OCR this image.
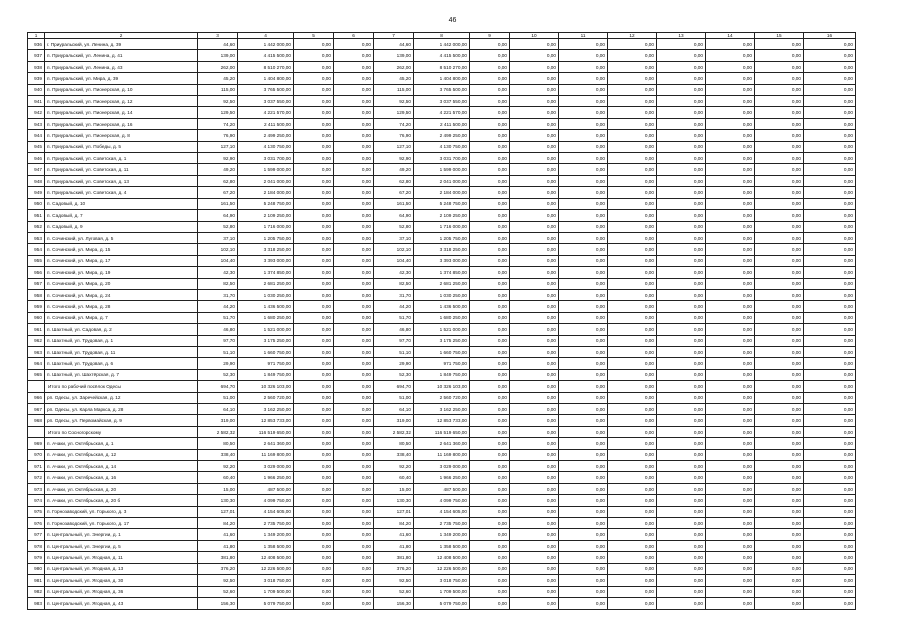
46
1	2	3	4	5	6	7	8	9	10	11	12	13	14	15	16
936	г. Приуральский, ул. Ленина, д. 39	44,60	1 442 000,00	0,00	0,00	44,60	1 442 000,00	0,00	0,00	0,00	0,00	0,00	0,00	0,00	0,00
937	п. Приуральский, ул. Ленина, д. 41	139,00	4 415 500,00	0,00	0,00	139,00	4 415 500,00	0,00	0,00	0,00	0,00	0,00	0,00	0,00	0,00
938	п. Приуральский, ул. Ленина, д. 43	262,00	8 510 270,00	0,00	0,00	262,00	8 510 270,00	0,00	0,00	0,00	0,00	0,00	0,00	0,00	0,00
939	п. Приуральский, ул. Мира, д. 39	45,20	1 404 800,00	0,00	0,00	45,20	1 404 800,00	0,00	0,00	0,00	0,00	0,00	0,00	0,00	0,00
940	п. Приуральский, ул. Пионерская, д. 10	115,00	3 765 500,00	0,00	0,00	115,00	3 765 500,00	0,00	0,00	0,00	0,00	0,00	0,00	0,00	0,00
941	п. Приуральский, ул. Пионерская, д. 12	92,50	3 037 550,00	0,00	0,00	92,50	3 037 550,00	0,00	0,00	0,00	0,00	0,00	0,00	0,00	0,00
942	п. Приуральский, ул. Пионерская, д. 14	129,50	4 221 570,00	0,00	0,00	129,50	4 221 570,00	0,00	0,00	0,00	0,00	0,00	0,00	0,00	0,00
943	п. Приуральский, ул. Пионерская, д. 16	74,20	2 411 500,00	0,00	0,00	74,20	2 411 500,00	0,00	0,00	0,00	0,00	0,00	0,00	0,00	0,00
944	п. Приуральский, ул. Пионерская, д. 8	76,90	2 499 250,00	0,00	0,00	76,90	2 499 250,00	0,00	0,00	0,00	0,00	0,00	0,00	0,00	0,00
945	п. Приуральский, ул. Победы, д. 5	127,10	4 130 750,00	0,00	0,00	127,10	4 130 750,00	0,00	0,00	0,00	0,00	0,00	0,00	0,00	0,00
946	п. Приуральский, ул. Советская, д. 1	92,90	3 031 700,00	0,00	0,00	92,90	3 031 700,00	0,00	0,00	0,00	0,00	0,00	0,00	0,00	0,00
947	п. Приуральский, ул. Советская, д. 11	49,20	1 599 000,00	0,00	0,00	49,20	1 599 000,00	0,00	0,00	0,00	0,00	0,00	0,00	0,00	0,00
948	п. Приуральский, ул. Советская, д. 13	62,80	2 041 000,00	0,00	0,00	62,80	2 041 000,00	0,00	0,00	0,00	0,00	0,00	0,00	0,00	0,00
949	п. Приуральский, ул. Советская, д. 4	67,20	2 184 000,00	0,00	0,00	67,20	2 184 000,00	0,00	0,00	0,00	0,00	0,00	0,00	0,00	0,00
950	п. Садовый, д. 10	161,50	5 248 750,00	0,00	0,00	161,50	5 248 750,00	0,00	0,00	0,00	0,00	0,00	0,00	0,00	0,00
951	п. Садовый, д. 7	64,90	2 109 250,00	0,00	0,00	64,90	2 109 250,00	0,00	0,00	0,00	0,00	0,00	0,00	0,00	0,00
952	п. Садовый, д. 9	52,80	1 716 000,00	0,00	0,00	52,80	1 716 000,00	0,00	0,00	0,00	0,00	0,00	0,00	0,00	0,00
953	п. Сочинский, ул. Луговая, д. 5	37,10	1 205 750,00	0,00	0,00	37,10	1 205 750,00	0,00	0,00	0,00	0,00	0,00	0,00	0,00	0,00
954	п. Сочинский, ул. Мира, д. 15	102,10	3 318 250,00	0,00	0,00	102,10	3 318 250,00	0,00	0,00	0,00	0,00	0,00	0,00	0,00	0,00
955	п. Сочинский, ул. Мира, д. 17	104,40	3 393 000,00	0,00	0,00	104,40	3 393 000,00	0,00	0,00	0,00	0,00	0,00	0,00	0,00	0,00
956	п. Сочинский, ул. Мира, д. 19	42,30	1 374 850,00	0,00	0,00	42,30	1 374 850,00	0,00	0,00	0,00	0,00	0,00	0,00	0,00	0,00
957	п. Сочинский, ул. Мира, д. 20	82,50	2 681 250,00	0,00	0,00	82,50	2 681 250,00	0,00	0,00	0,00	0,00	0,00	0,00	0,00	0,00
958	п. Сочинский, ул. Мира, д. 24	31,70	1 030 250,00	0,00	0,00	31,70	1 030 250,00	0,00	0,00	0,00	0,00	0,00	0,00	0,00	0,00
959	п. Сочинский, ул. Мира, д. 28	44,20	1 436 500,00	0,00	0,00	44,20	1 436 500,00	0,00	0,00	0,00	0,00	0,00	0,00	0,00	0,00
960	п. Сочинский, ул. Мира, д. 7	51,70	1 680 250,00	0,00	0,00	51,70	1 680 250,00	0,00	0,00	0,00	0,00	0,00	0,00	0,00	0,00
961	п. Шахтный, ул. Садовая, д. 2	46,80	1 521 000,00	0,00	0,00	46,80	1 521 000,00	0,00	0,00	0,00	0,00	0,00	0,00	0,00	0,00
962	п. Шахтный, ул. Трудовая, д. 1	97,70	3 175 250,00	0,00	0,00	97,70	3 175 250,00	0,00	0,00	0,00	0,00	0,00	0,00	0,00	0,00
963	п. Шахтный, ул. Трудовая, д. 11	51,10	1 660 750,00	0,00	0,00	51,10	1 660 750,00	0,00	0,00	0,00	0,00	0,00	0,00	0,00	0,00
964	п. Шахтный, ул. Трудовая, д. 6	29,90	971 750,00	0,00	0,00	29,90	971 750,00	0,00	0,00	0,00	0,00	0,00	0,00	0,00	0,00
965	п. Шахтный, ул. Шахтёрская, д. 7	52,30	1 849 750,00	0,00	0,00	52,30	1 849 750,00	0,00	0,00	0,00	0,00	0,00	0,00	0,00	0,00
	Итого по рабочий посёлок Одесы	694,70	10 326 103,00	0,00	0,00	694,70	10 326 103,00	0,00	0,00	0,00	0,00	0,00	0,00	0,00	0,00
966	рп. Одесы, ул. Заречейская, д. 12	51,00	2 560 720,00	0,00	0,00	51,00	2 560 720,00	0,00	0,00	0,00	0,00	0,00	0,00	0,00	0,00
967	рп. Одесы, ул. Карла Маркса, д. 28	64,10	3 162 250,00	0,00	0,00	64,10	3 162 250,00	0,00	0,00	0,00	0,00	0,00	0,00	0,00	0,00
968	рп. Одесы, ул. Первомайская, д. 9	319,00	12 853 733,00	0,00	0,00	319,00	12 853 733,00	0,00	0,00	0,00	0,00	0,00	0,00	0,00	0,00
	Итого по Сосногорскому	2 582,32	116 519 650,00	0,00	0,00	2 582,32	116 519 650,00	0,00	0,00	0,00	0,00	0,00	0,00	0,00	0,00
969	п. Ачаки, ул. Октябрьская, д. 1	80,50	2 641 360,00	0,00	0,00	80,50	2 641 360,00	0,00	0,00	0,00	0,00	0,00	0,00	0,00	0,00
970	п. Ачаки, ул. Октябрьская, д. 12	338,40	11 169 800,00	0,00	0,00	338,40	11 169 800,00	0,00	0,00	0,00	0,00	0,00	0,00	0,00	0,00
971	п. Ачаки, ул. Октябрьская, д. 14	92,20	3 029 000,00	0,00	0,00	92,20	3 029 000,00	0,00	0,00	0,00	0,00	0,00	0,00	0,00	0,00
972	п. Ачаки, ул. Октябрьская, д. 16	60,40	1 966 250,00	0,00	0,00	60,40	1 966 250,00	0,00	0,00	0,00	0,00	0,00	0,00	0,00	0,00
973	п. Ачаки, ул. Октябрьская, д. 20	15,00	487 500,00	0,00	0,00	15,00	487 500,00	0,00	0,00	0,00	0,00	0,00	0,00	0,00	0,00
974	п. Ачаки, ул. Октябрьская, д. 20 б	130,30	4 099 750,00	0,00	0,00	130,30	4 099 750,00	0,00	0,00	0,00	0,00	0,00	0,00	0,00	0,00
975	п. Горнозаводский, ул. Горького, д. 3	127,01	4 154 605,00	0,00	0,00	127,01	4 154 605,00	0,00	0,00	0,00	0,00	0,00	0,00	0,00	0,00
976	п. Горнозаводский, ул. Горького, д. 17	84,20	2 735 750,00	0,00	0,00	84,20	2 735 750,00	0,00	0,00	0,00	0,00	0,00	0,00	0,00	0,00
977	п. Центральный, ул. Энергии, д. 1	41,60	1 349 200,00	0,00	0,00	41,60	1 349 200,00	0,00	0,00	0,00	0,00	0,00	0,00	0,00	0,00
978	п. Центральный, ул. Энергии, д. 5	41,80	1 358 500,00	0,00	0,00	41,80	1 358 500,00	0,00	0,00	0,00	0,00	0,00	0,00	0,00	0,00
979	п. Центральный, ул. Ягодная, д. 11	381,80	12 408 500,00	0,00	0,00	381,80	12 408 500,00	0,00	0,00	0,00	0,00	0,00	0,00	0,00	0,00
980	п. Центральный, ул. Ягодная, д. 13	376,20	12 226 500,00	0,00	0,00	376,20	12 226 500,00	0,00	0,00	0,00	0,00	0,00	0,00	0,00	0,00
981	п. Центральный, ул. Ягодная, д. 30	92,50	3 018 750,00	0,00	0,00	92,50	3 018 750,00	0,00	0,00	0,00	0,00	0,00	0,00	0,00	0,00
982	п. Центральный, ул. Ягодная, д. 36	52,60	1 709 500,00	0,00	0,00	52,60	1 709 500,00	0,00	0,00	0,00	0,00	0,00	0,00	0,00	0,00
983	п. Центральный, ул. Ягодная, д. 43	156,30	5 079 750,00	0,00	0,00	156,30	5 079 750,00	0,00	0,00	0,00	0,00	0,00	0,00	0,00	0,00
